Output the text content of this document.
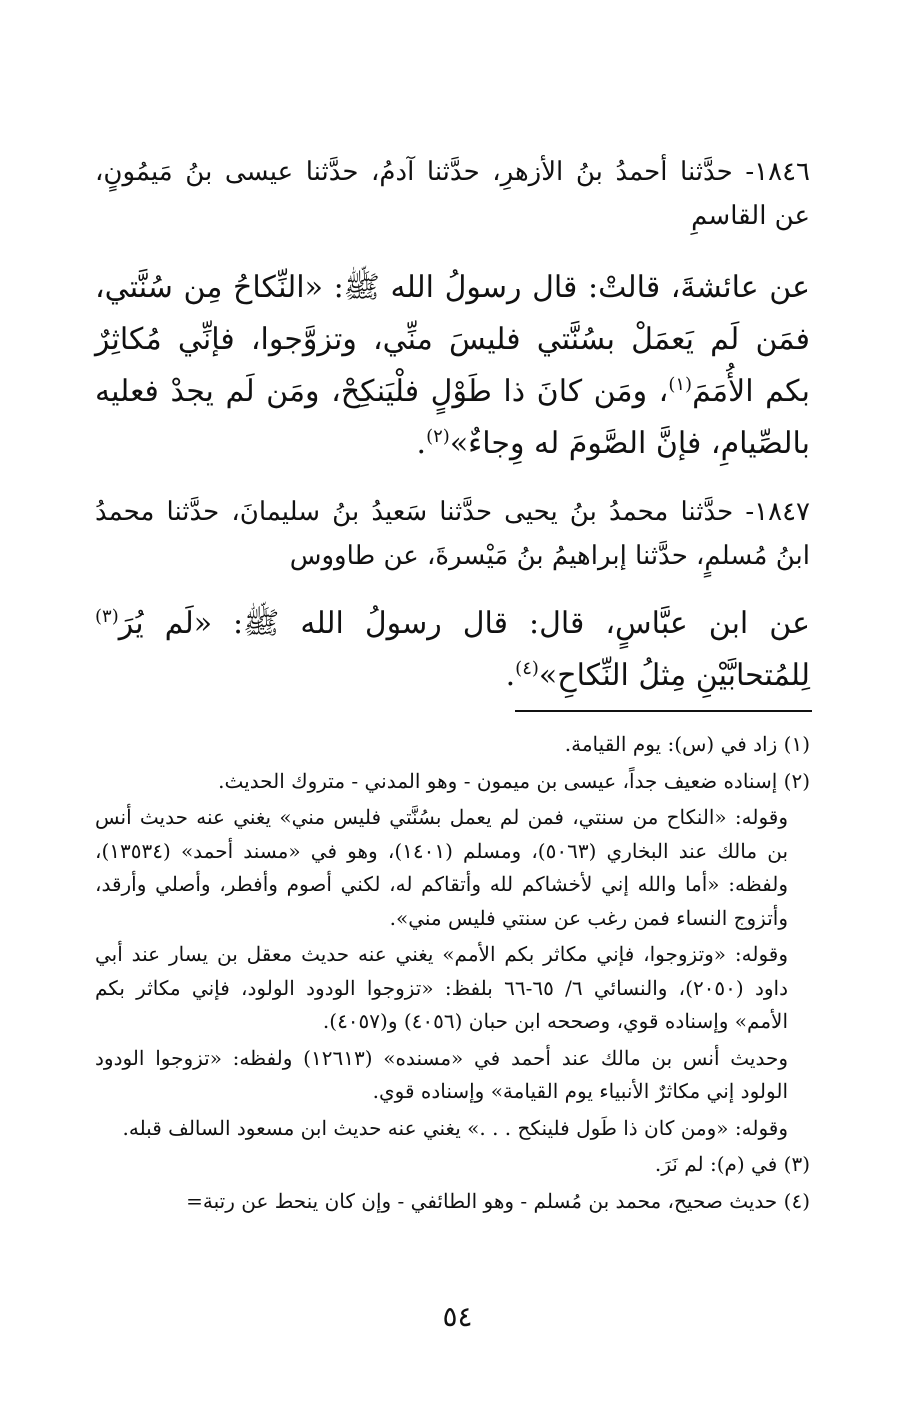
١٨٤٦- حدَّثنا أحمدُ بنُ الأزهرِ، حدَّثنا آدمُ، حدَّثنا عيسى بنُ مَيمُونٍ، عن القاسمِ

عن عائشةَ، قالتْ: قال رسولُ الله ﷺ: «النِّكاحُ مِن سُنَّتي، فمَن لَم يَعمَلْ بسُنَّتي فليسَ منِّي، وتزوَّجوا، فإنِّي مُكاثِرٌ بكم الأُمَمَ$^{(١)}$، ومَن كانَ ذا طَوْلٍ فلْيَنكِحْ، ومَن لَم يجدْ فعليه بالصِّيامِ، فإنَّ الصَّومَ له وِجاءٌ»$^{(٢)}$.

١٨٤٧- حدَّثنا محمدُ بنُ يحيى حدَّثنا سَعيدُ بنُ سليمانَ، حدَّثنا محمدُ ابنُ مُسلمٍ، حدَّثنا إبراهيمُ بنُ مَيْسرةَ، عن طاووس

عن ابن عبَّاسٍ، قال: قال رسولُ الله ﷺ: «لَم يُرَ$^{(٣)}$ لِلمُتحابَّيْنِ مِثلُ النِّكاحِ»$^{(٤)}$.

(١) زاد في (س): يوم القيامة.

(٢) إسناده ضعيف جداً، عيسى بن ميمون - وهو المدني - متروك الحديث.

وقوله: «النكاح من سنتي، فمن لم يعمل بسُنَّتي فليس مني» يغني عنه حديث أنس بن مالك عند البخاري (٥٠٦٣)، ومسلم (١٤٠١)، وهو في «مسند أحمد» (١٣٥٣٤)، ولفظه: «أما والله إني لأخشاكم لله وأتقاكم له، لكني أصوم وأفطر، وأصلي وأرقد، وأتزوج النساء فمن رغب عن سنتي فليس مني».

وقوله: «وتزوجوا، فإني مكاثر بكم الأمم» يغني عنه حديث معقل بن يسار عند أبي داود (٢٠٥٠)، والنسائي ٦/ ٦٥-٦٦ بلفظ: «تزوجوا الودود الولود، فإني مكاثر بكم الأمم» وإسناده قوي، وصححه ابن حبان (٤٠٥٦) و(٤٠٥٧).

وحديث أنس بن مالك عند أحمد في «مسنده» (١٢٦١٣) ولفظه: «تزوجوا الودود الولود إني مكاثرٌ الأنبياء يوم القيامة» وإسناده قوي.

وقوله: «ومن كان ذا طَول فلينكح . . .» يغني عنه حديث ابن مسعود السالف قبله.

(٣) في (م): لم نَرَ.

(٤) حديث صحيح، محمد بن مُسلم - وهو الطائفي - وإن كان ينحط عن رتبة=

٥٤
